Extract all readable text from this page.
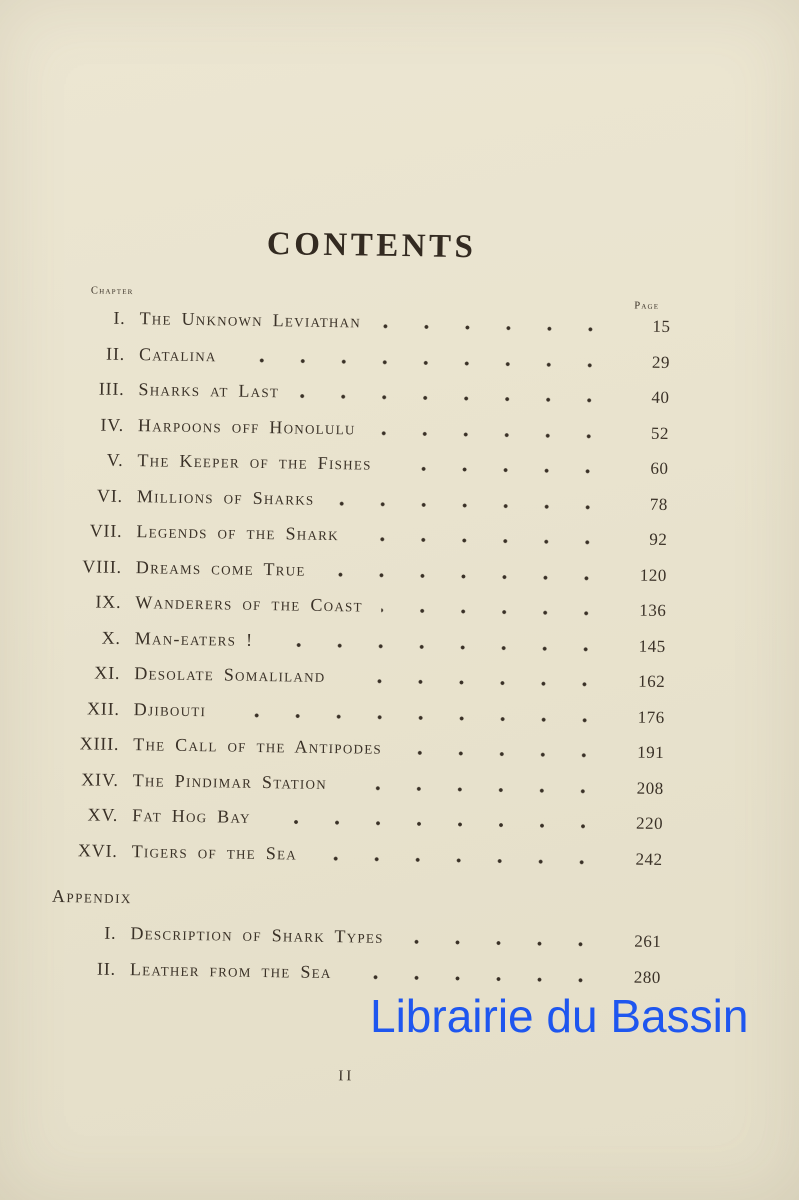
CONTENTS
Chapter
Page
I. The Unknown Leviathan	15
II. Catalina	29
III. Sharks at Last	40
IV. Harpoons off Honolulu	52
V. The Keeper of the Fishes	60
VI. Millions of Sharks	78
VII. Legends of the Shark	92
VIII. Dreams come True	120
IX. Wanderers of the Coast	136
X. Man-eaters !	145
XI. Desolate Somaliland	162
XII. Djibouti	176
XIII. The Call of the Antipodes	191
XIV. The Pindimar Station	208
XV. Fat Hog Bay	220
XVI. Tigers of the Sea	242
Appendix
I. Description of Shark Types	261
II. Leather from the Sea	280
II
Librairie du Bassin
